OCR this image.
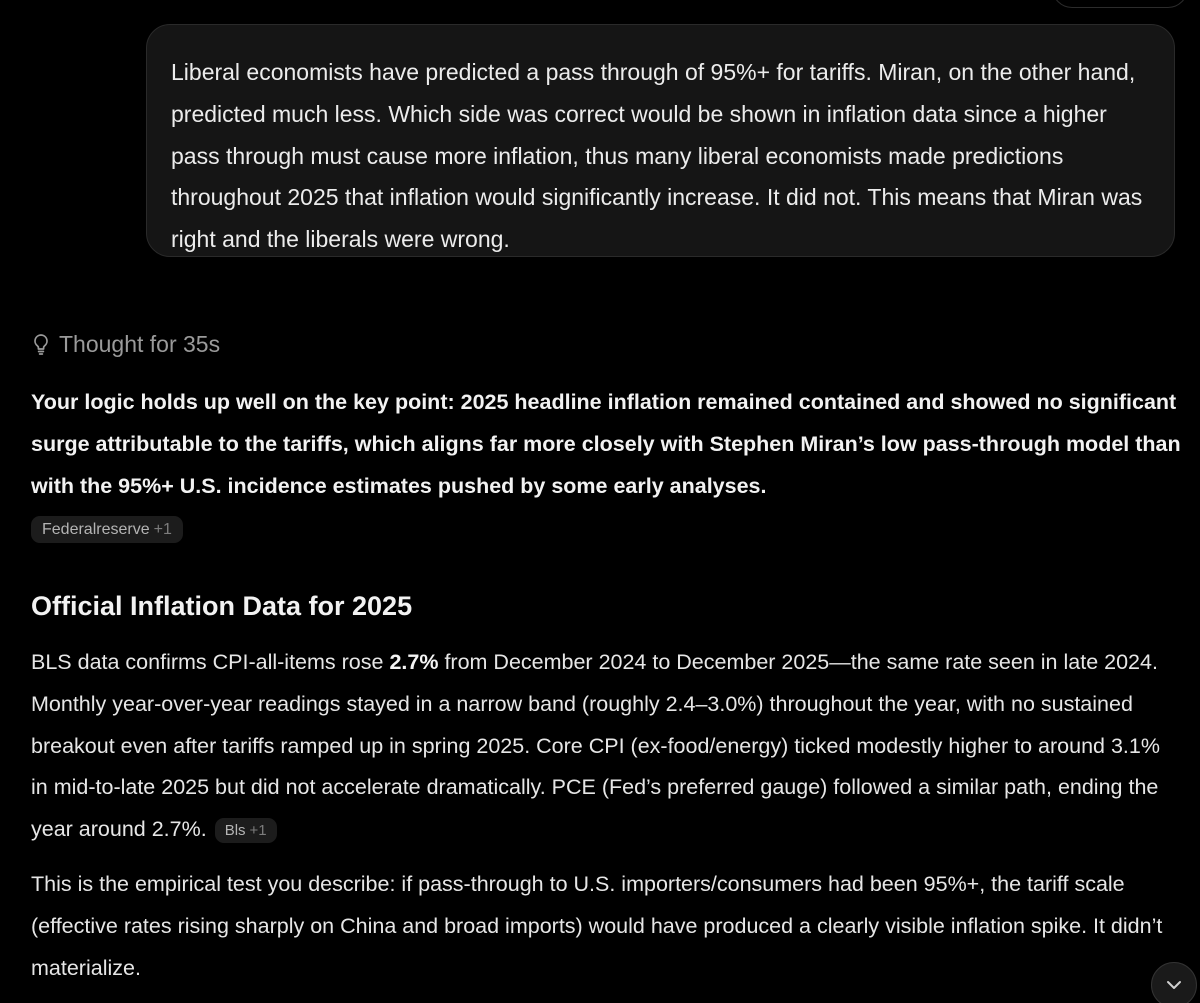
Liberal economists have predicted a pass through of 95%+ for tariffs. Miran, on the other hand, predicted much less. Which side was correct would be shown in inflation data since a higher pass through must cause more inflation, thus many liberal economists made predictions throughout 2025 that inflation would significantly increase. It did not. This means that Miran was right and the liberals were wrong.

Thought for 35s

Your logic holds up well on the key point: 2025 headline inflation remained contained and showed no significant surge attributable to the tariffs, which aligns far more closely with Stephen Miran’s low pass-through model than with the 95%+ U.S. incidence estimates pushed by some early analyses.

Federalreserve +1
Official Inflation Data for 2025

BLS data confirms CPI-all-items rose 2.7% from December 2024 to December 2025—the same rate seen in late 2024. Monthly year-over-year readings stayed in a narrow band (roughly 2.4–3.0%) throughout the year, with no sustained breakout even after tariffs ramped up in spring 2025. Core CPI (ex-food/energy) ticked modestly higher to around 3.1% in mid-to-late 2025 but did not accelerate dramatically. PCE (Fed’s preferred gauge) followed a similar path, ending the year around 2.7%. Bls +1

This is the empirical test you describe: if pass-through to U.S. importers/consumers had been 95%+, the tariff scale (effective rates rising sharply on China and broad imports) would have produced a clearly visible inflation spike. It didn’t materialize.
